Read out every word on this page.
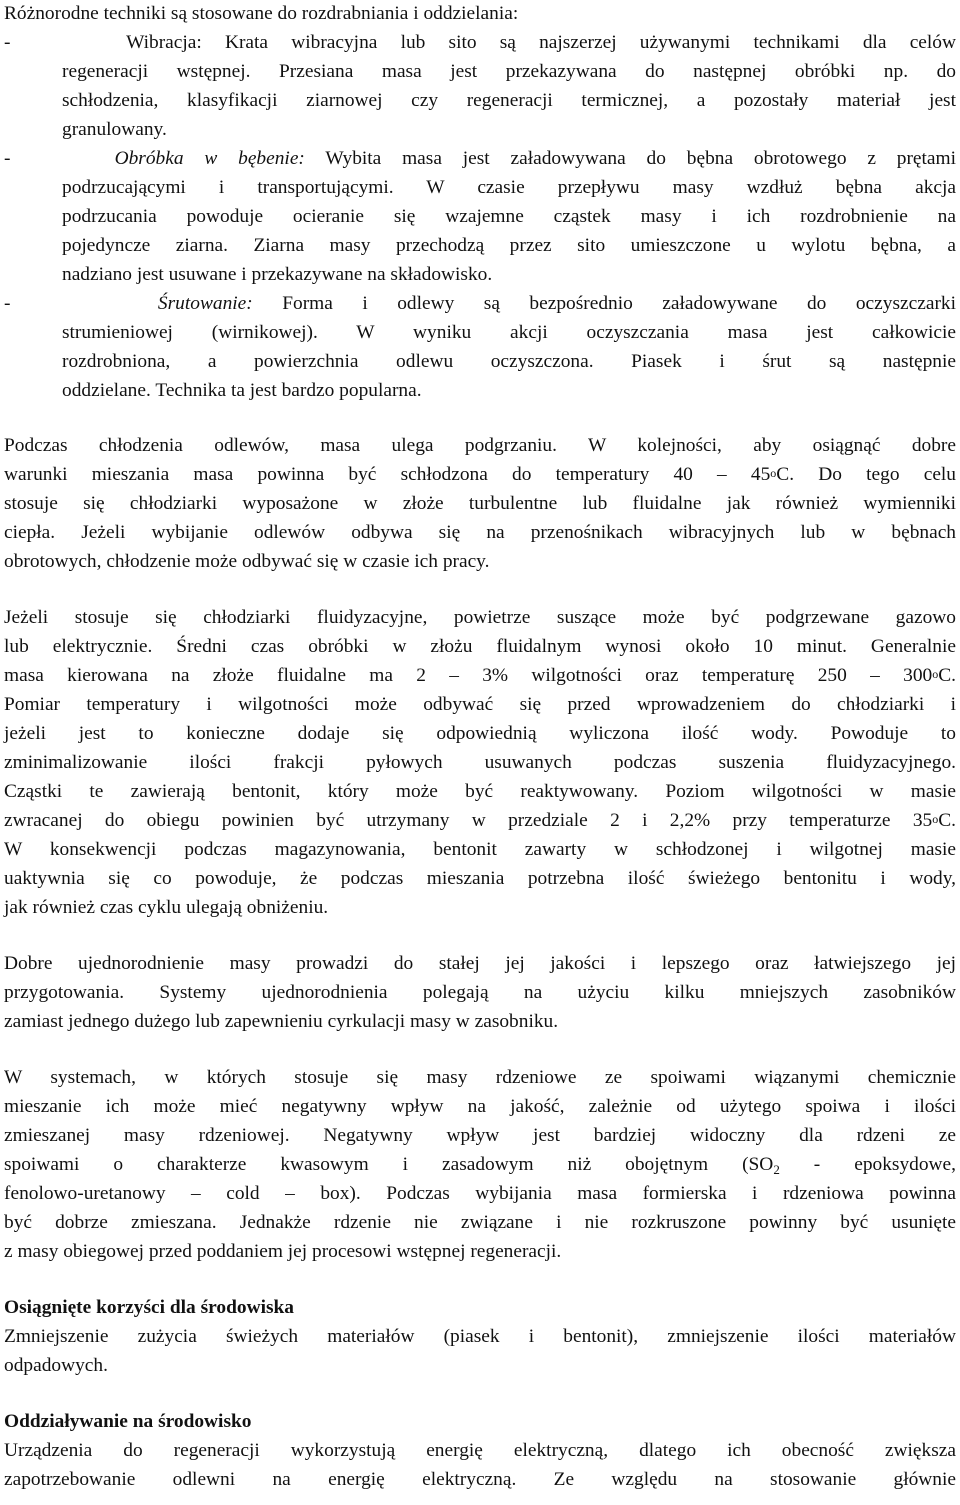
Różnorodne techniki są stosowane do rozdrabniania i oddzielania:
-	Wibracja: Krata wibracyjna lub sito są najszerzej używanymi technikami dla celów
regeneracji wstępnej. Przesiana masa jest przekazywana do następnej obróbki np. do
schłodzenia, klasyfikacji ziarnowej czy regeneracji termicznej, a pozostały materiał jest
granulowany.
-	Obróbka w bębenie: Wybita masa jest załadowywana do bębna obrotowego z prętami
podrzucającymi i transportującymi. W czasie przepływu masy wzdłuż bębna akcja
podrzucania powoduje ocieranie się wzajemne cząstek masy i ich rozdrobnienie na
pojedyncze ziarna. Ziarna masy przechodzą przez sito umieszczone u wylotu bębna, a
nadziano jest usuwane i przekazywane na składowisko.
-	Śrutowanie: Forma i odlewy są bezpośrednio załadowywane do oczyszczarki
strumieniowej (wirnikowej). W wyniku akcji oczyszczania masa jest całkowicie
rozdrobniona, a powierzchnia odlewu oczyszczona. Piasek i śrut są następnie
oddzielane. Technika ta jest bardzo popularna.
Podczas chłodzenia odlewów, masa ulega podgrzaniu. W kolejności, aby osiągnąć dobre
warunki mieszania masa powinna być schłodzona do temperatury 40 – 45$^o$C. Do tego celu
stosuje się chłodziarki wyposażone w złoże turbulentne lub fluidalne jak również wymienniki
ciepła. Jeżeli wybijanie odlewów odbywa się na przenośnikach wibracyjnych lub w bębnach
obrotowych, chłodzenie może odbywać się w czasie ich pracy.
Jeżeli stosuje się chłodziarki fluidyzacyjne, powietrze suszące może być podgrzewane gazowo
lub elektrycznie. Średni czas obróbki w złożu fluidalnym wynosi około 10 minut. Generalnie
masa kierowana na złoże fluidalne ma 2 – 3% wilgotności oraz temperaturę 250 – 300$^o$C.
Pomiar temperatury i wilgotności może odbywać się przed wprowadzeniem do chłodziarki i
jeżeli jest to konieczne dodaje się odpowiednią wyliczona ilość wody. Powoduje to
zminimalizowanie ilości frakcji pyłowych usuwanych podczas suszenia fluidyzacyjnego.
Cząstki te zawierają bentonit, który może być reaktywowany. Poziom wilgotności w masie
zwracanej do obiegu powinien być utrzymany w przedziale 2 i 2,2% przy temperaturze 35$^o$C.
W konsekwencji podczas magazynowania, bentonit zawarty w schłodzonej i wilgotnej masie
uaktywnia się co powoduje, że podczas mieszania potrzebna ilość świeżego bentonitu i wody,
jak również czas cyklu ulegają obniżeniu.
Dobre ujednorodnienie masy prowadzi do stałej jej jakości i lepszego oraz łatwiejszego jej
przygotowania. Systemy ujednorodnienia polegają na użyciu kilku mniejszych zasobników
zamiast jednego dużego lub zapewnieniu cyrkulacji masy w zasobniku.
W systemach, w których stosuje się masy rdzeniowe ze spoiwami wiązanymi chemicznie
mieszanie ich może mieć negatywny wpływ na jakość, zależnie od użytego spoiwa i ilości
zmieszanej masy rdzeniowej. Negatywny wpływ jest bardziej widoczny dla rdzeni ze
spoiwami o charakterze kwasowym i zasadowym niż obojętnym ($SO_2$ - epoksydowe,
fenolowo-uretanowy – cold – box). Podczas wybijania masa formierska i rdzeniowa powinna
być dobrze zmieszana. Jednakże rdzenie nie związane i nie rozkruszone powinny być usunięte
z masy obiegowej przed poddaniem jej procesowi wstępnej regeneracji.
Osiągnięte korzyści dla środowiska
Zmniejszenie zużycia świeżych materiałów (piasek i bentonit), zmniejszenie ilości materiałów
odpadowych.
Oddziaływanie na środowisko
Urządzenia do regeneracji wykorzystują energię elektryczną, dlatego ich obecność zwiększa
zapotrzebowanie odlewni na energię elektryczną. Ze względu na stosowanie głównie
